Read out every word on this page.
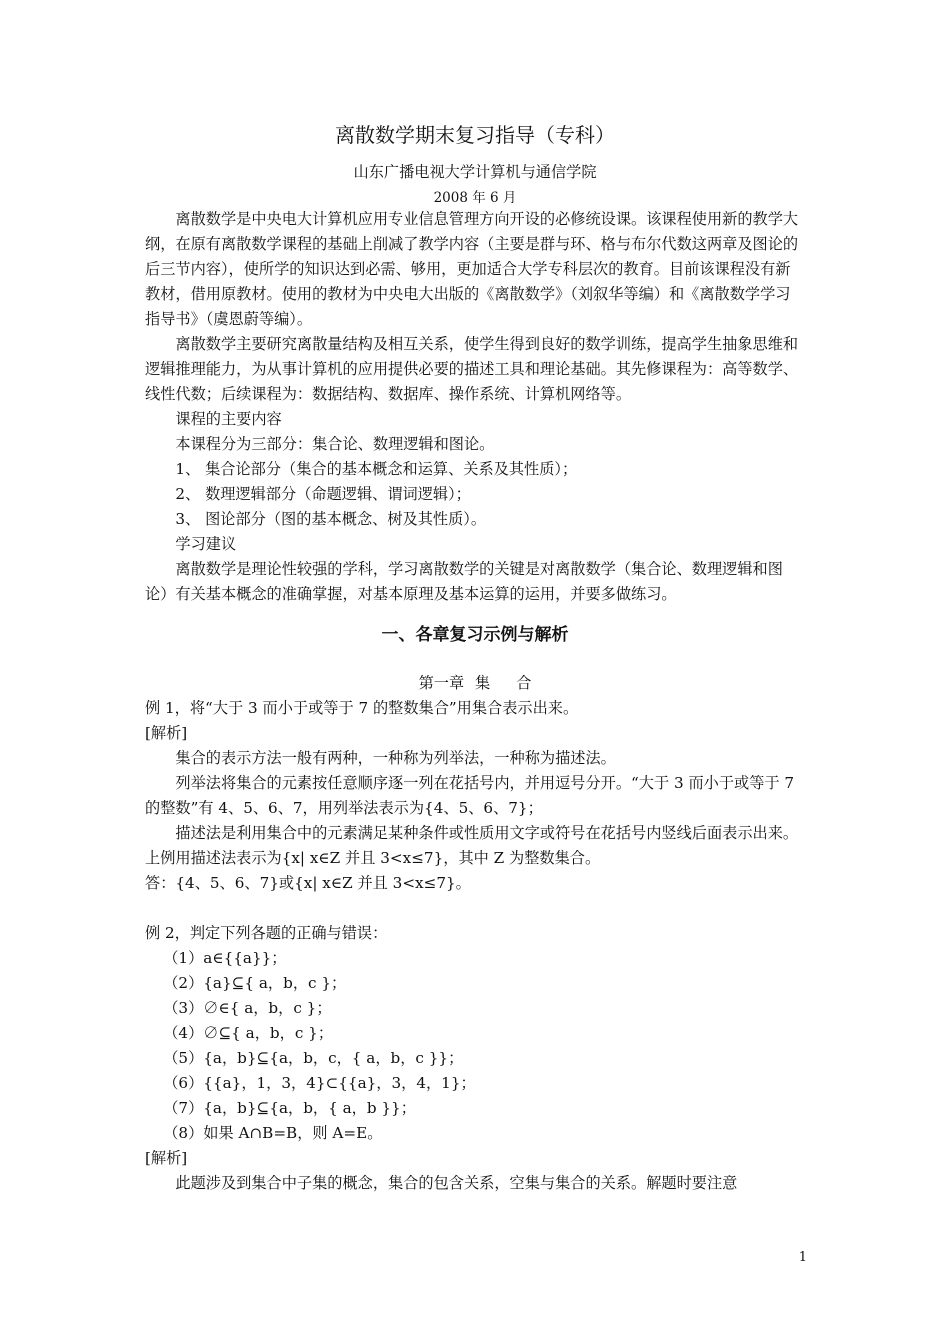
离散数学期末复习指导（专科）

山东广播电视大学计算机与通信学院

2008 年 6 月

离散数学是中央电大计算机应用专业信息管理方向开设的必修统设课。该课程使用新的教学大纲，在原有离散数学课程的基础上削减了教学内容（主要是群与环、格与布尔代数这两章及图论的后三节内容），使所学的知识达到必需、够用，更加适合大学专科层次的教育。目前该课程没有新教材，借用原教材。使用的教材为中央电大出版的《离散数学》（刘叙华等编）和《离散数学学习指导书》（虞恩蔚等编）。

离散数学主要研究离散量结构及相互关系，使学生得到良好的数学训练，提高学生抽象思维和逻辑推理能力，为从事计算机的应用提供必要的描述工具和理论基础。其先修课程为：高等数学、线性代数；后续课程为：数据结构、数据库、操作系统、计算机网络等。

课程的主要内容

本课程分为三部分：集合论、数理逻辑和图论。

1、 集合论部分（集合的基本概念和运算、关系及其性质）；

2、 数理逻辑部分（命题逻辑、谓词逻辑）；

3、 图论部分（图的基本概念、树及其性质）。

学习建议

离散数学是理论性较强的学科，学习离散数学的关键是对离散数学（集合论、数理逻辑和图论）有关基本概念的准确掌握，对基本原理及基本运算的运用，并要多做练习。

一、各章复习示例与解析

第一章 集　 合

例 1，将“大于 3 而小于或等于 7 的整数集合”用集合表示出来。

[解析]

集合的表示方法一般有两种，一种称为列举法，一种称为描述法。

列举法将集合的元素按任意顺序逐一列在花括号内，并用逗号分开。“大于 3 而小于或等于 7 的整数”有 4、5、6、7，用列举法表示为{4、5、6、7}；

描述法是利用集合中的元素满足某种条件或性质用文字或符号在花括号内竖线后面表示出来。上例用描述法表示为{x| x∈Z 并且 3<x≤7}，其中 Z 为整数集合。

答：{4、5、6、7}或{x| x∈Z 并且 3<x≤7}。

例 2，判定下列各题的正确与错误：

（1）a∈{{a}}；

（2）{a}⊆{ a，b，c }；

（3）∅∈{ a，b，c }；

（4）∅⊆{ a，b，c }；

（5）{a，b}⊆{a，b，c，{ a，b，c }}；

（6）{{a}，1，3，4}⊂{{a}，3，4，1}；

（7）{a，b}⊆{a，b，{ a，b }}；

（8）如果 A∩B=B，则 A=E。

[解析]

此题涉及到集合中子集的概念，集合的包含关系，空集与集合的关系。解题时要注意

1
